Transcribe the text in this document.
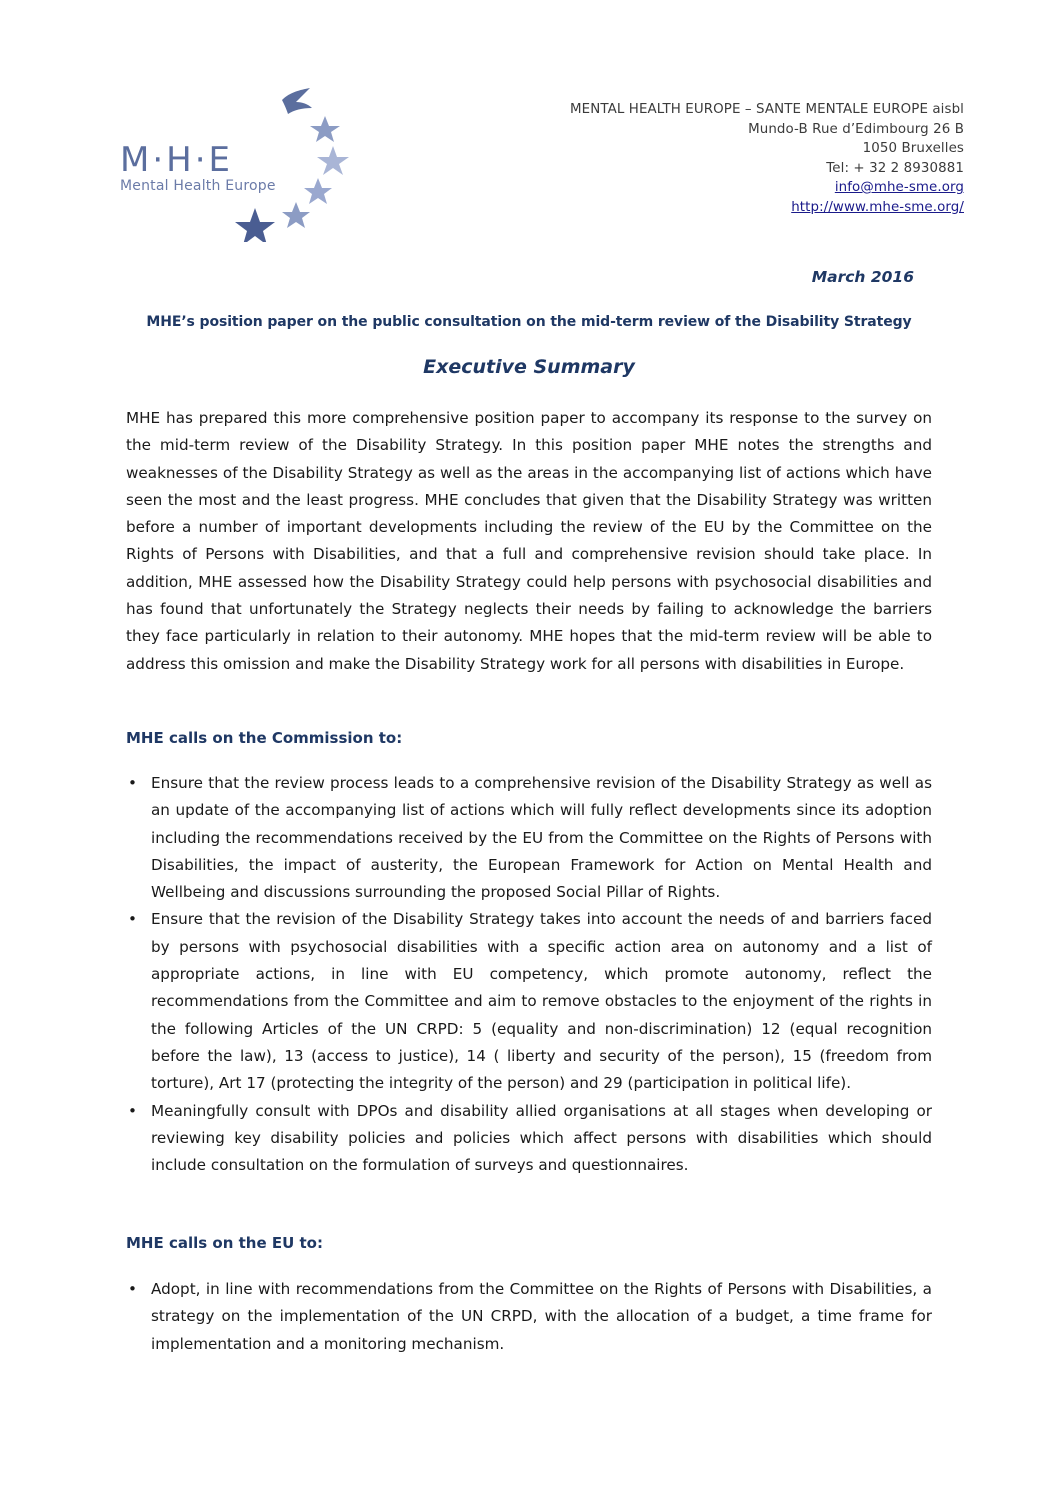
M·H·E
Mental Health Europe
MENTAL HEALTH EUROPE – SANTE MENTALE EUROPE aisbl
Mundo-B Rue d’Edimbourg 26 B
1050 Bruxelles
Tel: + 32 2 8930881
info@mhe-sme.org
http://www.mhe-sme.org/
March 2016
MHE’s position paper on the public consultation on the mid-term review of the Disability Strategy
Executive Summary
MHE has prepared this more comprehensive position paper to accompany its response to the survey on the mid-term review of the Disability Strategy. In this position paper MHE notes the strengths and weaknesses of the Disability Strategy as well as the areas in the accompanying list of actions which have seen the most and the least progress. MHE concludes that given that the Disability Strategy was written before a number of important developments including the review of the EU by the Committee on the Rights of Persons with Disabilities, and that a full and comprehensive revision should take place. In addition, MHE assessed how the Disability Strategy could help persons with psychosocial disabilities and has found that unfortunately the Strategy neglects their needs by failing to acknowledge the barriers they face particularly in relation to their autonomy. MHE hopes that the mid-term review will be able to address this omission and make the Disability Strategy work for all persons with disabilities in Europe.
MHE calls on the Commission to:
• Ensure that the review process leads to a comprehensive revision of the Disability Strategy as well as an update of the accompanying list of actions which will fully reflect developments since its adoption including the recommendations received by the EU from the Committee on the Rights of Persons with Disabilities, the impact of austerity, the European Framework for Action on Mental Health and Wellbeing and discussions surrounding the proposed Social Pillar of Rights.
• Ensure that the revision of the Disability Strategy takes into account the needs of and barriers faced by persons with psychosocial disabilities with a specific action area on autonomy and a list of appropriate actions, in line with EU competency, which promote autonomy, reflect the recommendations from the Committee and aim to remove obstacles to the enjoyment of the rights in the following Articles of the UN CRPD: 5 (equality and non-discrimination) 12 (equal recognition before the law), 13 (access to justice), 14 ( liberty and security of the person), 15 (freedom from torture), Art 17 (protecting the integrity of the person) and 29 (participation in political life).
• Meaningfully consult with DPOs and disability allied organisations at all stages when developing or reviewing key disability policies and policies which affect persons with disabilities which should include consultation on the formulation of surveys and questionnaires.
MHE calls on the EU to:
• Adopt, in line with recommendations from the Committee on the Rights of Persons with Disabilities, a strategy on the implementation of the UN CRPD, with the allocation of a budget, a time frame for implementation and a monitoring mechanism.
